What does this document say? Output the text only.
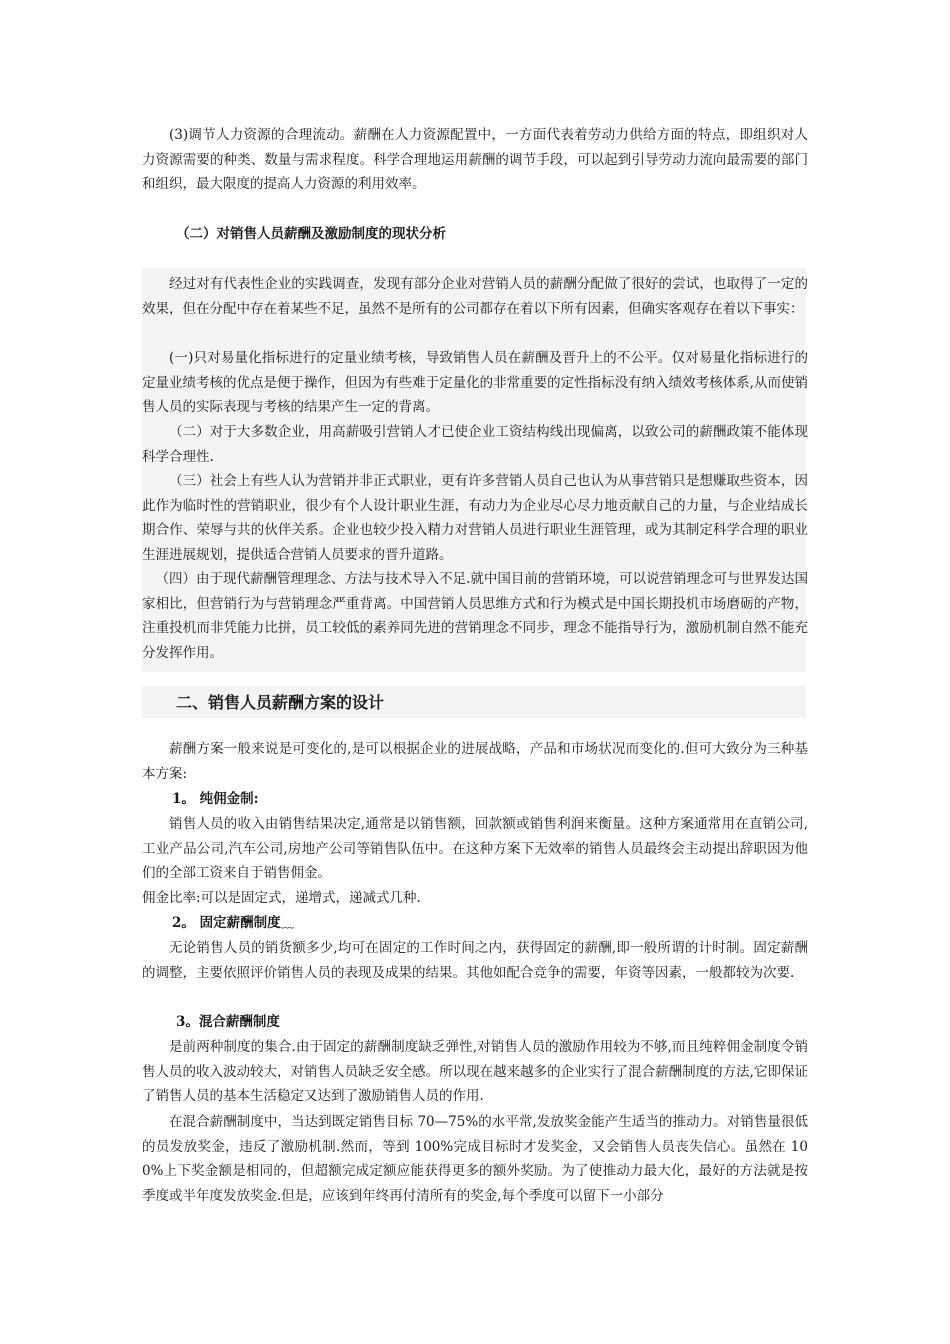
(3)调节人力资源的合理流动。薪酬在人力资源配置中，一方面代表着劳动力供给方面的特点，即组织对人力资源需要的种类、数量与需求程度。科学合理地运用薪酬的调节手段，可以起到引导劳动力流向最需要的部门和组织，最大限度的提高人力资源的利用效率。

（二）对销售人员薪酬及激励制度的现状分析

经过对有代表性企业的实践调查，发现有部分企业对营销人员的薪酬分配做了很好的尝试，也取得了一定的效果，但在分配中存在着某些不足，虽然不是所有的公司都存在着以下所有因素，但确实客观存在着以下事实：

(一)只对易量化指标进行的定量业绩考核，导致销售人员在薪酬及晋升上的不公平。仅对易量化指标进行的定量业绩考核的优点是便于操作，但因为有些难于定量化的非常重要的定性指标没有纳入绩效考核体系,从而使销售人员的实际表现与考核的结果产生一定的背离。

（二）对于大多数企业，用高薪吸引营销人才已使企业工资结构线出现偏离，以致公司的薪酬政策不能体现科学合理性.

（三）社会上有些人认为营销并非正式职业，更有许多营销人员自己也认为从事营销只是想赚取些资本，因此作为临时性的营销职业，很少有个人设计职业生涯，有动力为企业尽心尽力地贡献自己的力量，与企业结成长期合作、荣辱与共的伙伴关系。企业也较少投入精力对营销人员进行职业生涯管理，或为其制定科学合理的职业生涯进展规划，提供适合营销人员要求的晋升道路。

（四）由于现代薪酬管理理念、方法与技术导入不足.就中国目前的营销环境，可以说营销理念可与世界发达国家相比，但营销行为与营销理念严重背离。中国营销人员思维方式和行为模式是中国长期投机市场磨砺的产物，注重投机而非凭能力比拼，员工较低的素养同先进的营销理念不同步，理念不能指导行为，激励机制自然不能充分发挥作用。

二、销售人员薪酬方案的设计

薪酬方案一般来说是可变化的,是可以根据企业的进展战略，产品和市场状况而变化的.但可大致分为三种基本方案:

1。 纯佣金制:

销售人员的收入由销售结果决定,通常是以销售额，回款额或销售利润来衡量。这种方案通常用在直销公司,工业产品公司,汽车公司,房地产公司等销售队伍中。在这种方案下无效率的销售人员最终会主动提出辞职因为他们的全部工资来自于销售佣金。

佣金比率:可以是固定式，递增式，递减式几种.

2。 固定薪酬制度﹏

无论销售人员的销货额多少,均可在固定的工作时间之内，获得固定的薪酬,即一般所谓的计时制。固定薪酬的调整，主要依照评价销售人员的表现及成果的结果。其他如配合竞争的需要，年资等因素，一般都较为次要.

3。混合薪酬制度

是前两种制度的集合.由于固定的薪酬制度缺乏弹性,对销售人员的激励作用较为不够,而且纯粹佣金制度令销售人员的收入波动较大，对销售人员缺乏安全感。所以现在越来越多的企业实行了混合薪酬制度的方法,它即保证了销售人员的基本生活稳定又达到了激励销售人员的作用.

在混合薪酬制度中，当达到既定销售目标 70—75%的水平常,发放奖金能产生适当的推动力。对销售量很低的员发放奖金，违反了激励机制.然而，等到 100%完成目标时才发奖金，又会销售人员丧失信心。虽然在 100%上下奖金额是相同的，但超额完成定额应能获得更多的额外奖励。为了使推动力最大化，最好的方法就是按季度或半年度发放奖金.但是，应该到年终再付清所有的奖金,每个季度可以留下一小部分
